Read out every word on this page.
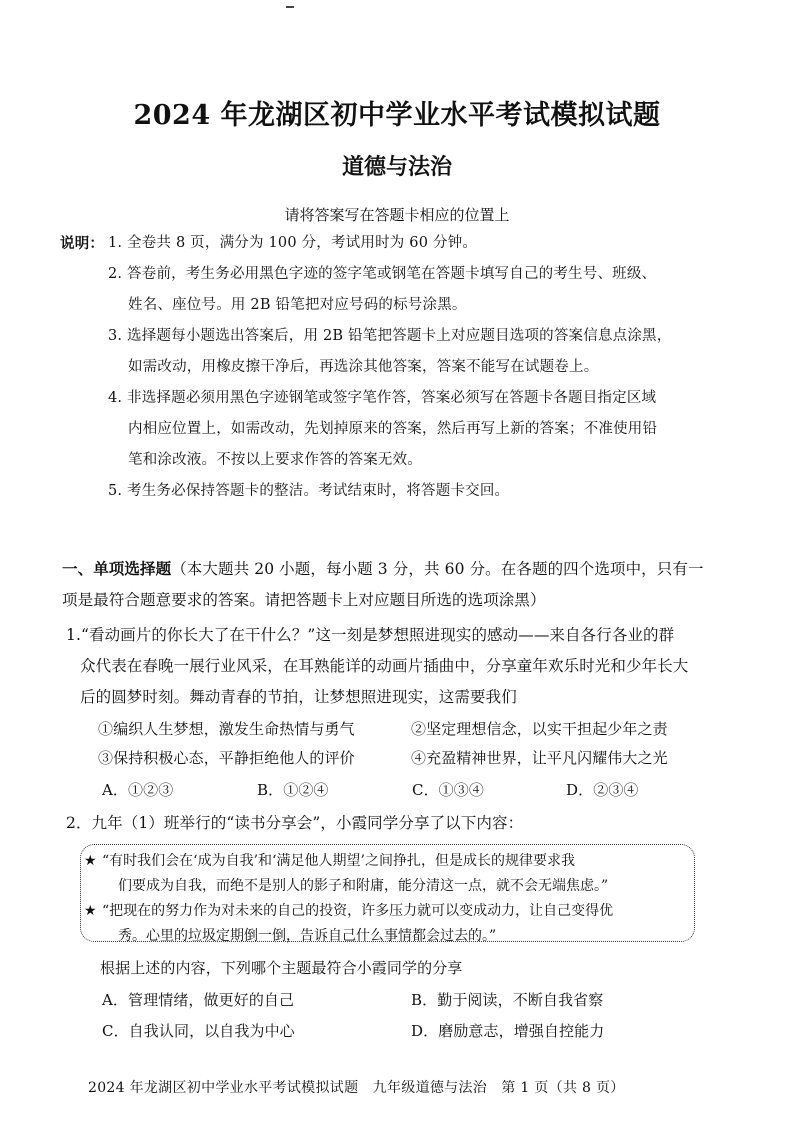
2024 年龙湖区初中学业水平考试模拟试题
道德与法治
请将答案写在答题卡相应的位置上
说明： 1. 全卷共 8 页，满分为 100 分，考试用时为 60 分钟。
2. 答卷前，考生务必用黑色字迹的签字笔或钢笔在答题卡填写自己的考生号、班级、
姓名、座位号。用 2B 铅笔把对应号码的标号涂黑。
3. 选择题每小题选出答案后，用 2B 铅笔把答题卡上对应题目选项的答案信息点涂黑，
如需改动，用橡皮擦干净后，再选涂其他答案，答案不能写在试题卷上。
4. 非选择题必须用黑色字迹钢笔或签字笔作答，答案必须写在答题卡各题目指定区域
内相应位置上，如需改动，先划掉原来的答案，然后再写上新的答案；不准使用铅
笔和涂改液。不按以上要求作答的答案无效。
5. 考生务必保持答题卡的整洁。考试结束时，将答题卡交回。
一、单项选择题（本大题共 20 小题，每小题 3 分，共 60 分。在各题的四个选项中，只有一
项是最符合题意要求的答案。请把答题卡上对应题目所选的选项涂黑）
1.“看动画片的你长大了在干什么？”这一刻是梦想照进现实的感动——来自各行各业的群
众代表在春晚一展行业风采，在耳熟能详的动画片插曲中，分享童年欢乐时光和少年长大
后的圆梦时刻。舞动青春的节拍，让梦想照进现实，这需要我们
①编织人生梦想，激发生命热情与勇气	②坚定理想信念，以实干担起少年之责
③保持积极心态，平静拒绝他人的评价	④充盈精神世界，让平凡闪耀伟大之光
A．①②③	B．①②④	C．①③④	D．②③④
2．九年（1）班举行的“读书分享会”，小霞同学分享了以下内容：
★ “有时我们会在‘成为自我’和‘满足他人期望’之间挣扎，但是成长的规律要求我
们要成为自我，而绝不是别人的影子和附庸，能分清这一点，就不会无端焦虑。”
★ “把现在的努力作为对未来的自己的投资，许多压力就可以变成动力，让自己变得优
秀。心里的垃圾定期倒一倒，告诉自己什么事情都会过去的。”
根据上述的内容，下列哪个主题最符合小霞同学的分享
A．管理情绪，做更好的自己	B．勤于阅读，不断自我省察
C．自我认同，以自我为中心	D．磨励意志，增强自控能力
2024 年龙湖区初中学业水平考试模拟试题　九年级道德与法治　第 1 页（共 8 页）
